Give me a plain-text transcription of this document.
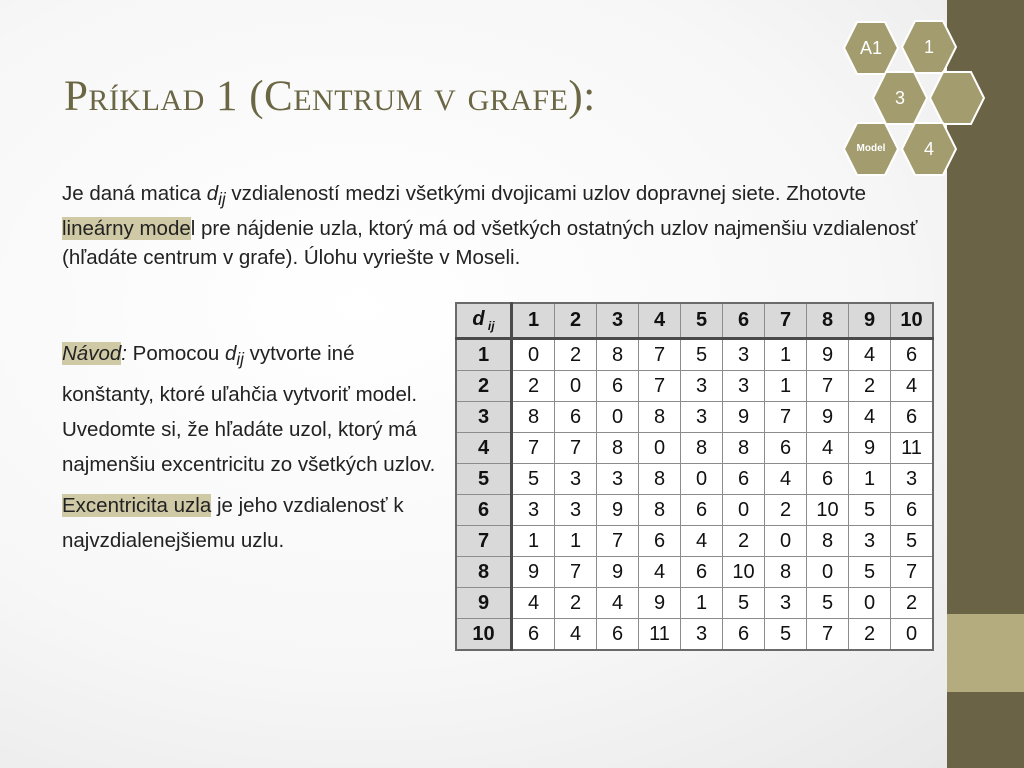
Príklad 1 (Centrum v grafe):
A1	1
3
Model	4

Je daná matica $d_{ij}$ vzdialeností medzi všetkými dvojicami uzlov dopravnej siete. Zhotovte lineárny model pre nájdenie uzla, ktorý má od všetkých ostatných uzlov najmenšiu vzdialenosť (hľadáte centrum v grafe). Úlohu vyriešte v Moseli.

Návod: Pomocou $d_{ij}$ vytvorte iné konštanty, ktoré uľahčia vytvoriť model. Uvedomte si, že hľadáte uzol, ktorý má najmenšiu excentricitu zo všetkých uzlov.

Excentricita uzla je jeho vzdialenosť k najvzdialenejšiemu uzlu.

d $_{ij}$	1	2	3	4	5	6	7	8	9	10
1	0	2	8	7	5	3	1	9	4	6
2	2	0	6	7	3	3	1	7	2	4
3	8	6	0	8	3	9	7	9	4	6
4	7	7	8	0	8	8	6	4	9	11
5	5	3	3	8	0	6	4	6	1	3
6	3	3	9	8	6	0	2	10	5	6
7	1	1	7	6	4	2	0	8	3	5
8	9	7	9	4	6	10	8	0	5	7
9	4	2	4	9	1	5	3	5	0	2
10	6	4	6	11	3	6	5	7	2	0
